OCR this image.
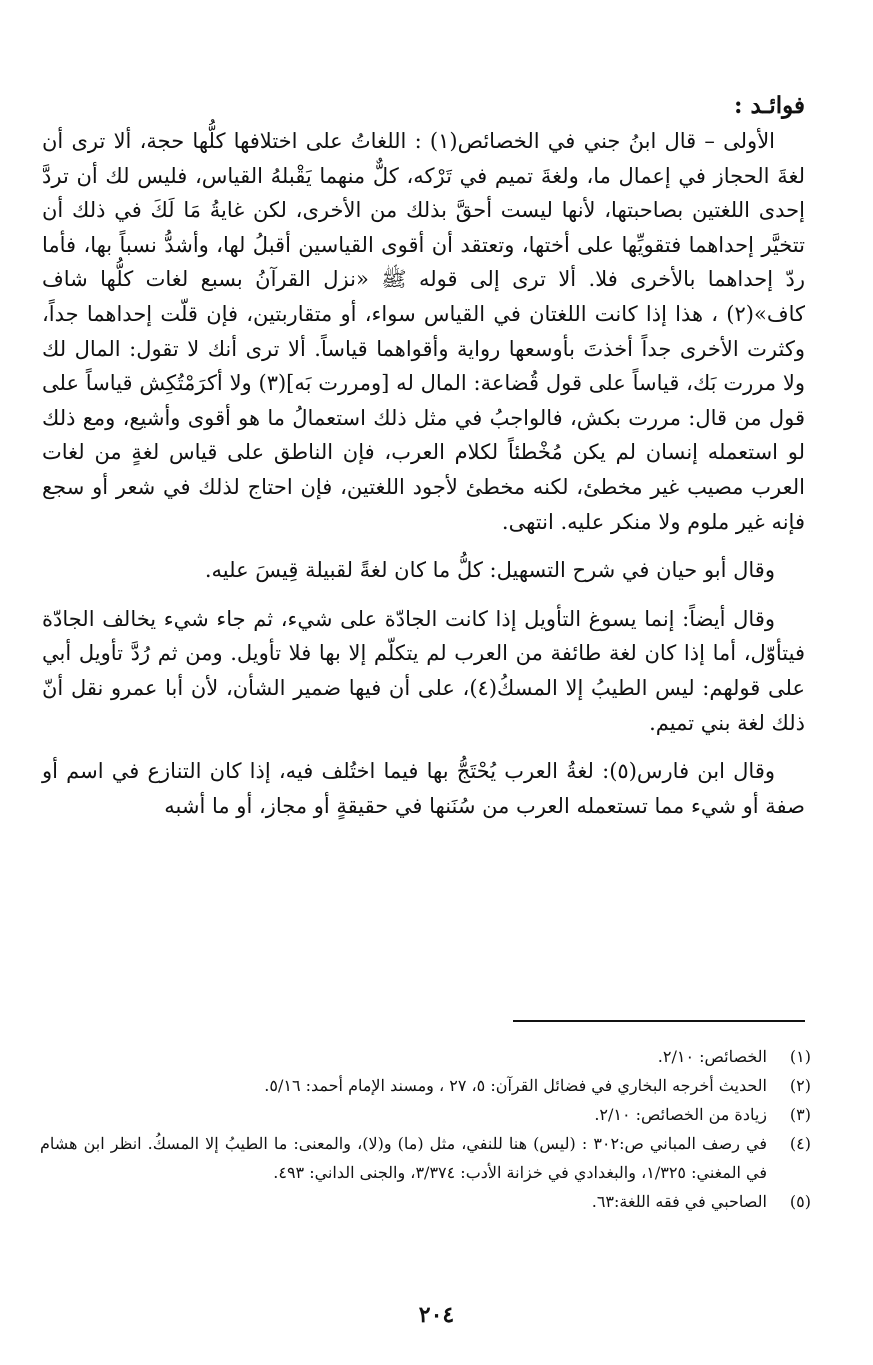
فوائـد :

الأولى – قال ابنُ جني في الخصائص(١) : اللغاتُ على اختلافها كلُّها حجة، ألا ترى أن لغةَ الحجاز في إعمال ما، ولغةَ تميم في تَرْكه، كلٌّ منهما يَقْبلهُ القياس، فليس لك أن تردَّ إحدى اللغتين بصاحبتها، لأنها ليست أحقَّ بذلك من الأخرى، لكن غايةُ مَا لَكَ في ذلك أن تتخيَّر إحداهما فتقويِّها على أختها، وتعتقد أن أقوى القياسين أقبلُ لها، وأشدُّ نسباً بها، فأما ردّ إحداهما بالأخرى فلا. ألا ترى إلى قوله ﷺ «نزل القرآنُ بسبع لغات كلُّها شاف كاف»(٢) ، هذا إذا كانت اللغتان في القياس سواء، أو متقاربتين، فإن قلّت إحداهما جداً، وكثرت الأخرى جداً أخذتَ بأوسعها رواية وأقواهما قياساً. ألا ترى أنك لا تقول: المال لك ولا مررت بَك، قياساً على قول قُضاعة: المال له [ومررت بَه](٣) ولا أكرَمْتُكِش قياساً على قول من قال: مررت بكش، فالواجبُ في مثل ذلك استعمالُ ما هو أقوى وأشيع، ومع ذلك لو استعمله إنسان لم يكن مُخْطئاً لكلام العرب، فإن الناطق على قياس لغةٍ من لغات العرب مصيب غير مخطئ، لكنه مخطئ لأجود اللغتين، فإن احتاج لذلك في شعر أو سجع فإنه غير ملوم ولا منكر عليه. انتهى.

وقال أبو حيان في شرح التسهيل: كلُّ ما كان لغةً لقبيلة قِيسَ عليه.

وقال أيضاً: إنما يسوغ التأويل إذا كانت الجادّة على شيء، ثم جاء شيء يخالف الجادّة فيتأوّل، أما إذا كان لغة طائفة من العرب لم يتكلّم إلا بها فلا تأويل. ومن ثم رُدَّ تأويل أبي على قولهم: ليس الطيبُ إلا المسكُ(٤)، على أن فيها ضمير الشأن، لأن أبا عمرو نقل أنّ ذلك لغة بني تميم.

وقال ابن فارس(٥): لغةُ العرب يُحْتَجُّ بها فيما اختُلف فيه، إذا كان التنازع في اسم أو صفة أو شيء مما تستعمله العرب من سُنَنها في حقيقةٍ أو مجاز، أو ما أشبه

(١)
الخصائص: ٢/١٠.
(٢)
الحديث أخرجه البخاري في فضائل القرآن: ٥، ٢٧ ، ومسند الإمام أحمد: ٥/١٦.
(٣)
زيادة من الخصائص: ٢/١٠.
(٤)
في رصف المباني ص:٣٠٢ : (ليس) هنا للنفي، مثل (ما) و(لا)، والمعنى: ما الطيبُ إلا المسكُ. انظر ابن هشام في المغني: ١/٣٢٥، والبغدادي في خزانة الأدب: ٣/٣٧٤، والجنى الداني: ٤٩٣.
(٥)
الصاحبي في فقه اللغة:٦٣.
٢٠٤
